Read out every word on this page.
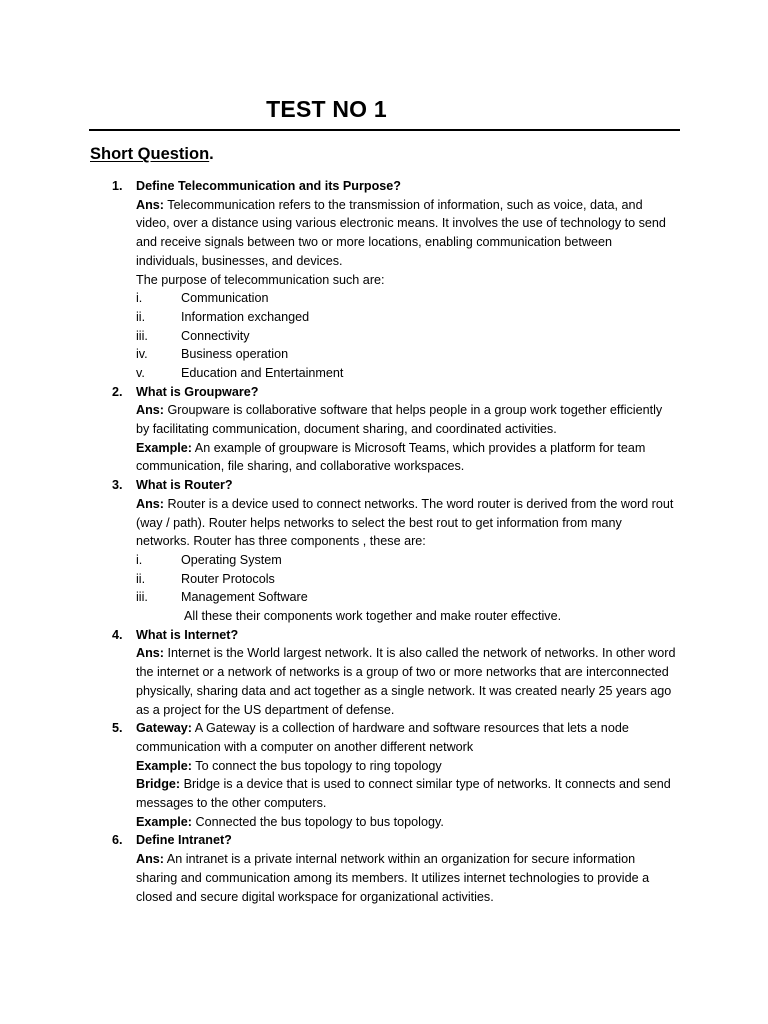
TEST NO 1
Short Question.
1. Define Telecommunication and its Purpose?
Ans: Telecommunication refers to the transmission of information, such as voice, data, and video, over a distance using various electronic means. It involves the use of technology to send and receive signals between two or more locations, enabling communication between individuals, businesses, and devices.
The purpose of telecommunication such are:
i.	Communication
ii.	Information exchanged
iii.	Connectivity
iv.	Business operation
v.	Education and Entertainment
2. What is Groupware?
Ans: Groupware is collaborative software that helps people in a group work together efficiently by facilitating communication, document sharing, and coordinated activities.
Example: An example of groupware is Microsoft Teams, which provides a platform for team communication, file sharing, and collaborative workspaces.
3. What is Router?
Ans: Router is a device used to connect networks. The word router is derived from the word rout (way / path). Router helps networks to select the best rout to get information from many networks. Router has three components , these are:
i.	Operating System
ii.	Router Protocols
iii.	Management Software
All these their components work together and make router effective.
4. What is Internet?
Ans: Internet is the World largest network. It is also called the network of networks. In other word the internet or a network of networks is a group of two or more networks that are interconnected physically, sharing data and act together as a single network. It was created nearly 25 years ago as a project for the US department of defense.
5. Gateway: A Gateway is a collection of hardware and software resources that lets a node communication with a computer on another different network
Example: To connect the bus topology to ring topology
Bridge: Bridge is a device that is used to connect similar type of networks. It connects and send messages to the other computers.
Example: Connected the bus topology to bus topology.
6. Define Intranet?
Ans: An intranet is a private internal network within an organization for secure information sharing and communication among its members. It utilizes internet technologies to provide a closed and secure digital workspace for organizational activities.
